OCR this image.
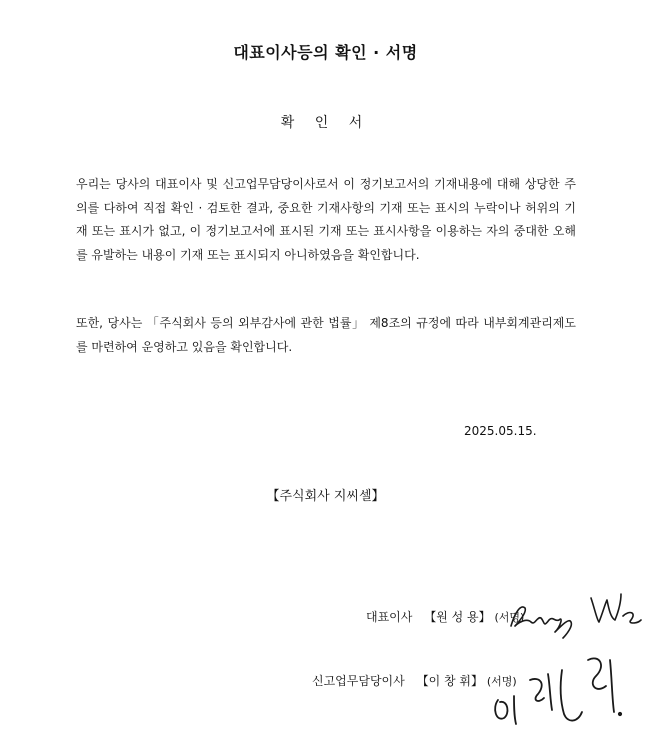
대표이사등의 확인 · 서명
확 인 서
우리는 당사의 대표이사 및 신고업무담당이사로서 이 정기보고서의 기재내용에 대해 상당한 주의를 다하여 직접 확인 · 검토한 결과, 중요한 기재사항의 기재 또는 표시의 누락이나 허위의 기재 또는 표시가 없고, 이 정기보고서에 표시된 기재 또는 표시사항을 이용하는 자의 중대한 오해를 유발하는 내용이 기재 또는 표시되지 아니하였음을 확인합니다.
또한, 당사는 「주식회사 등의 외부감사에 관한 법률」 제8조의 규정에 따라 내부회계관리제도를 마련하여 운영하고 있음을 확인합니다.
2025.05.15.
【주식회사 지씨셀】
대표이사 【원 성 용】 (서명)
신고업무담당이사 【이 창 휘】 (서명)
